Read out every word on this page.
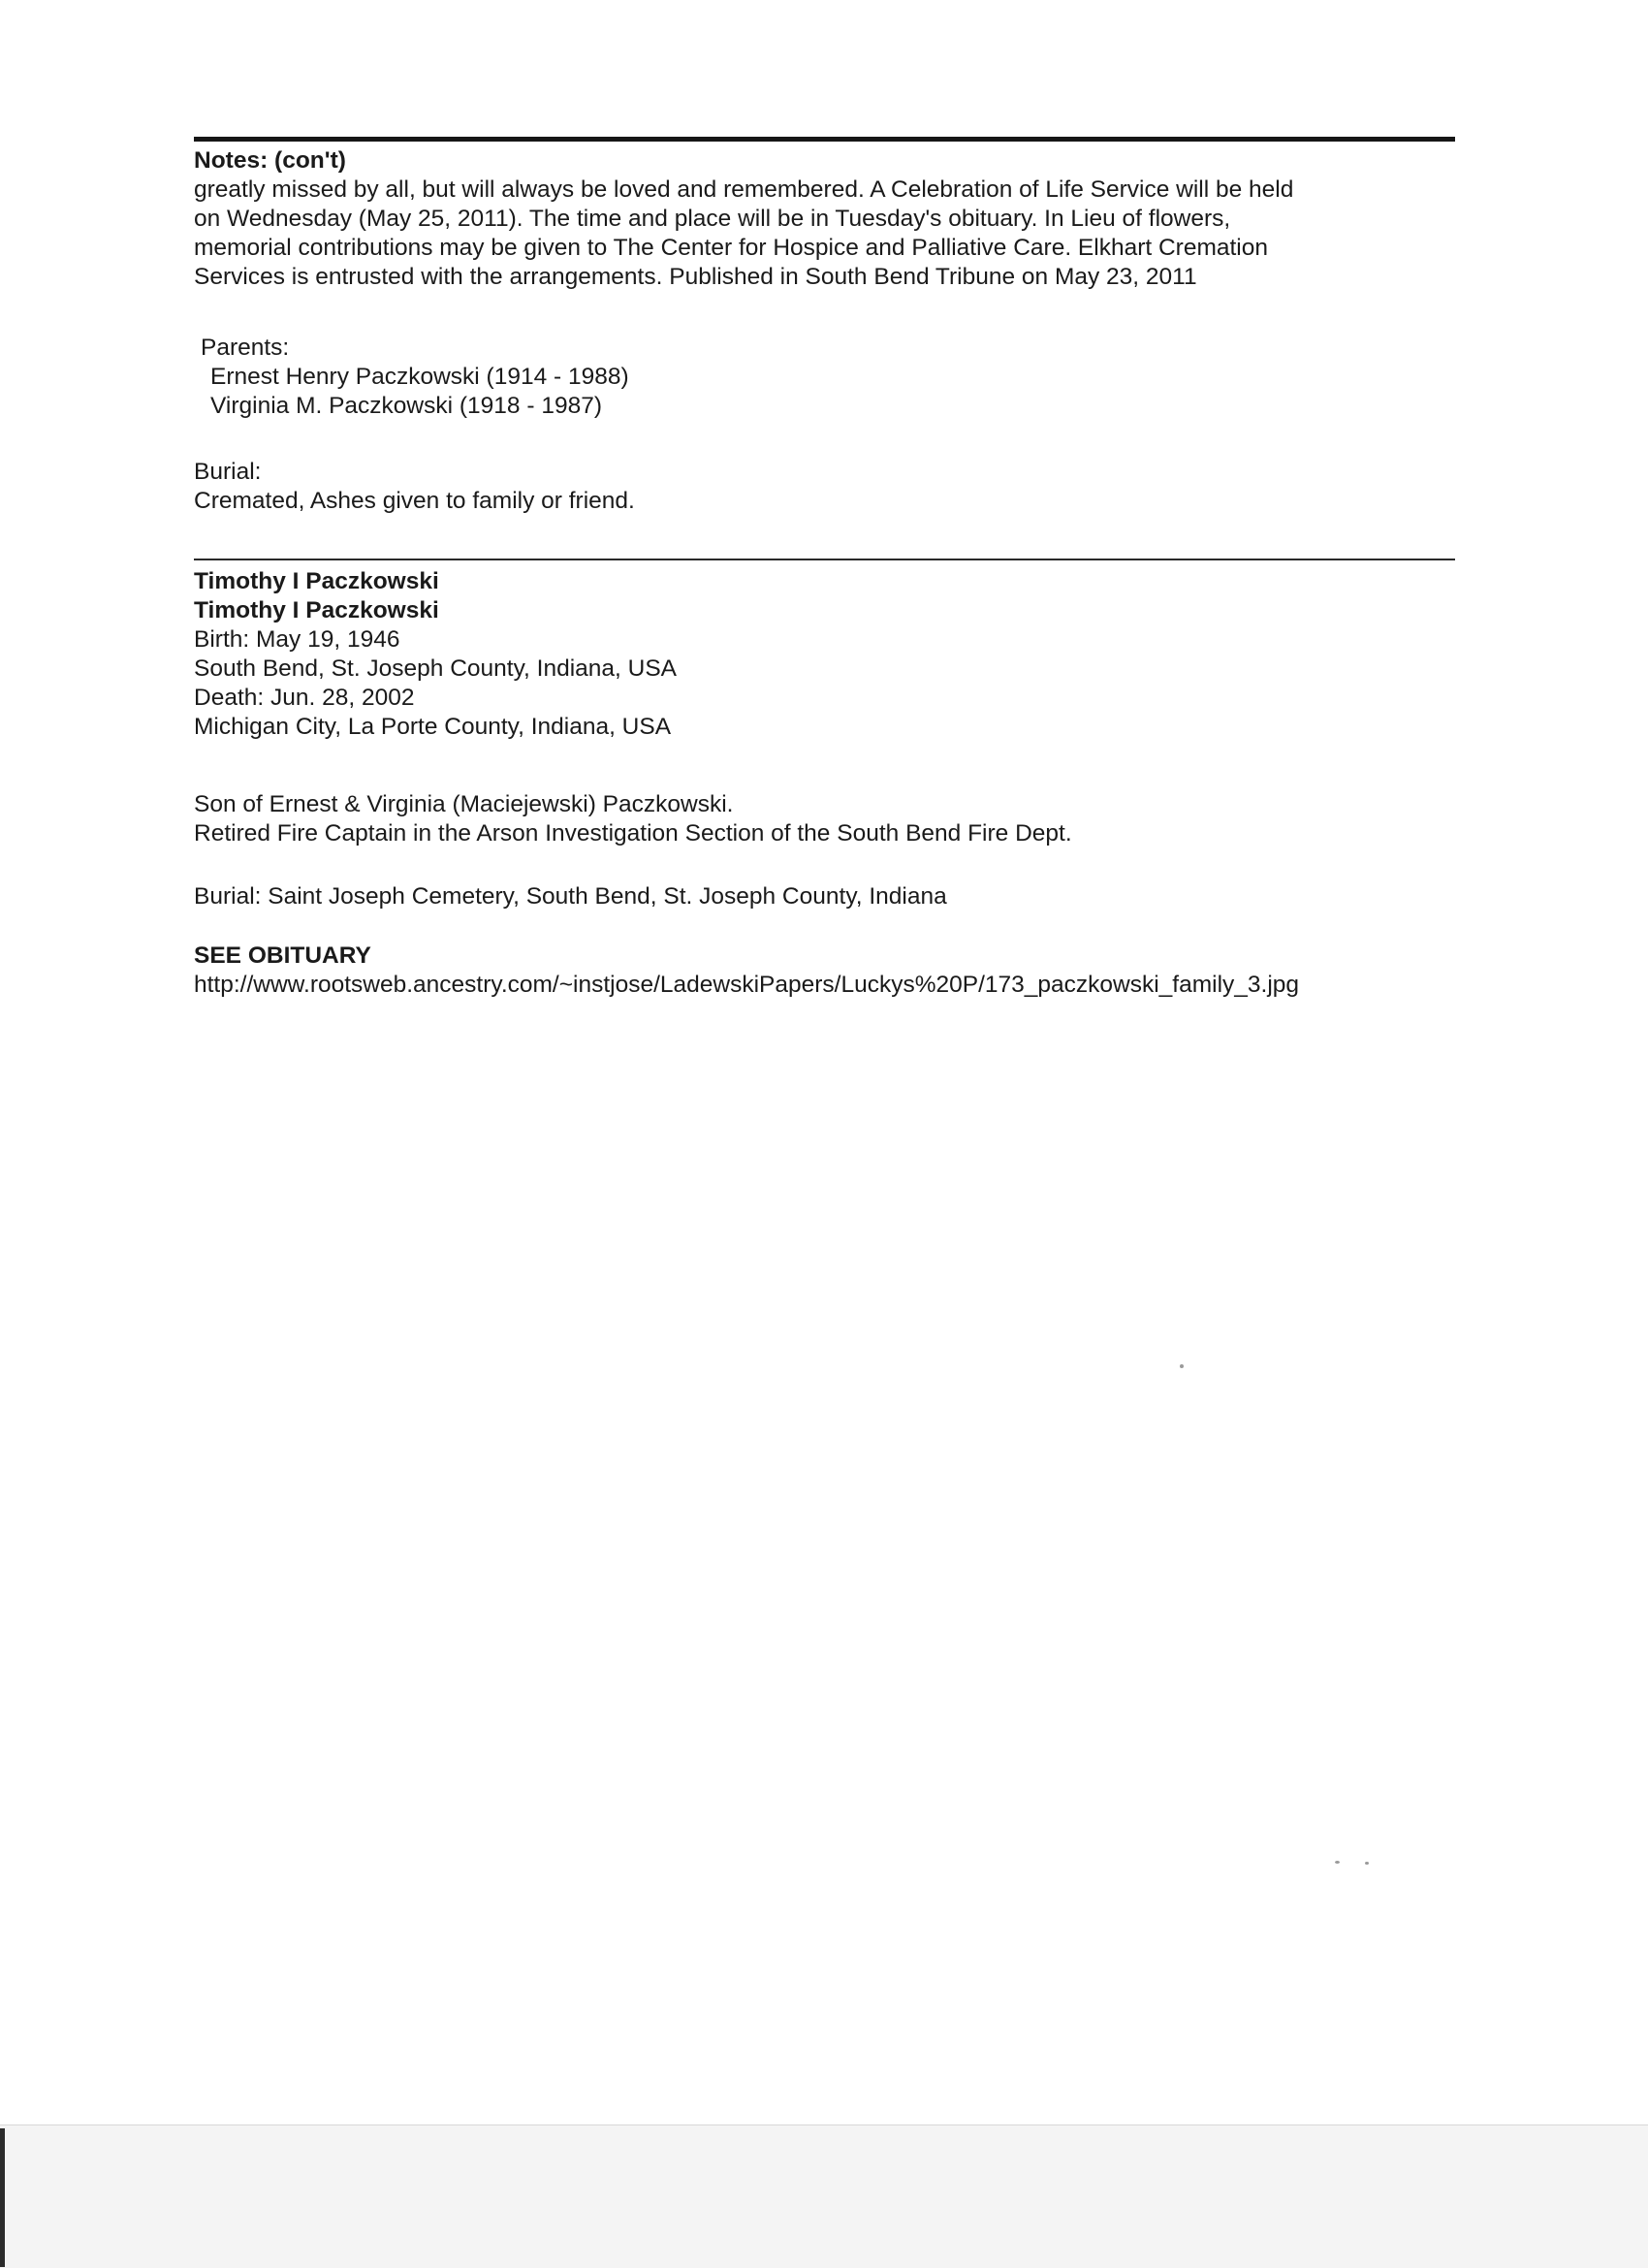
Notes: (con't)
greatly missed by all, but will always be loved and remembered. A Celebration of Life Service will be held
on Wednesday (May 25, 2011). The time and place will be in Tuesday's obituary. In Lieu of flowers,
memorial contributions may be given to The Center for Hospice and Palliative Care. Elkhart Cremation
Services is entrusted with the arrangements. Published in South Bend Tribune on May 23, 2011
Parents:
Ernest Henry Paczkowski (1914 - 1988)
Virginia M. Paczkowski (1918 - 1987)
Burial:
Cremated, Ashes given to family or friend.
Timothy I Paczkowski
Timothy I Paczkowski
Birth: May 19, 1946
South Bend, St. Joseph County, Indiana, USA
Death: Jun. 28, 2002
Michigan City, La Porte County, Indiana, USA
Son of Ernest & Virginia (Maciejewski) Paczkowski.
Retired Fire Captain in the Arson Investigation Section of the South Bend Fire Dept.
Burial: Saint Joseph Cemetery, South Bend, St. Joseph County, Indiana
SEE OBITUARY
http://www.rootsweb.ancestry.com/~instjose/LadewskiPapers/Luckys%20P/173_paczkowski_family_3.jpg
